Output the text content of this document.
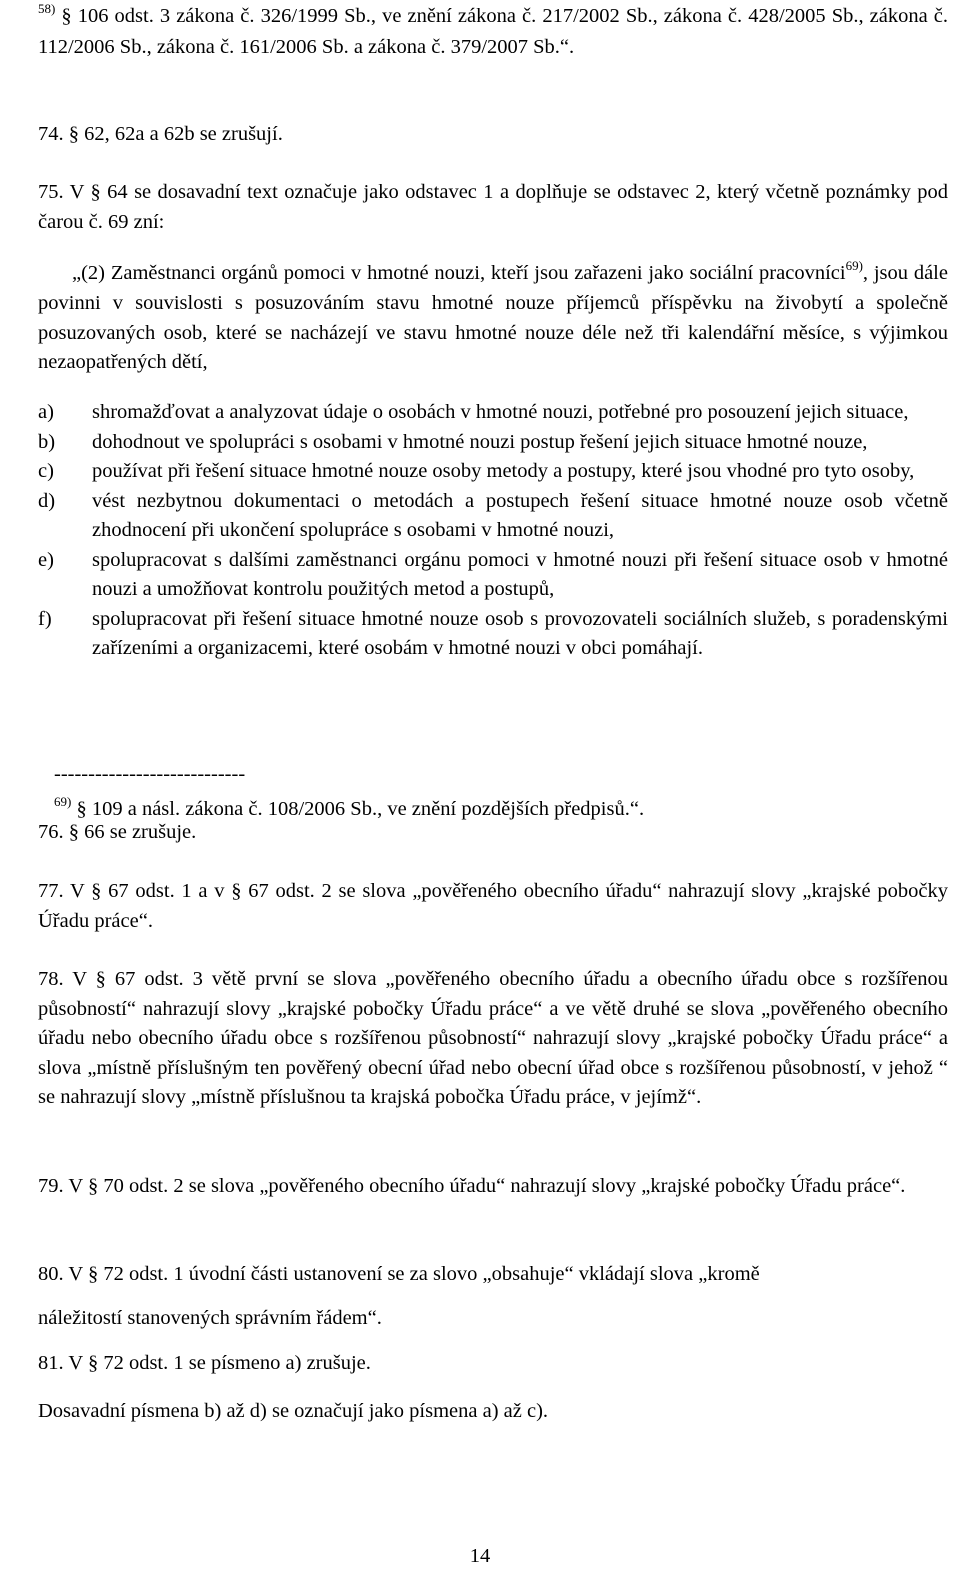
$^{58)}$ § 106 odst. 3 zákona č. 326/1999 Sb., ve znění zákona č. 217/2002 Sb., zákona č. 428/2005 Sb., zákona č. 112/2006 Sb., zákona č. 161/2006 Sb. a zákona č. 379/2007 Sb.“.

74. § 62, 62a a 62b se zrušují.

75. V § 64 se dosavadní text označuje jako odstavec 1 a doplňuje se odstavec 2, který včetně poznámky pod čarou č. 69 zní:

„(2) Zaměstnanci orgánů pomoci v hmotné nouzi, kteří jsou zařazeni jako sociální pracovníci$^{69)}$, jsou dále povinni v souvislosti s posuzováním stavu hmotné nouze příjemců příspěvku na živobytí a společně posuzovaných osob, které se nacházejí ve stavu hmotné nouze déle než tři kalendářní měsíce, s výjimkou nezaopatřených dětí,

a) shromažďovat a analyzovat údaje o osobách v hmotné nouzi, potřebné pro posouzení jejich situace,
b) dohodnout ve spolupráci s osobami v hmotné nouzi postup řešení jejich situace hmotné nouze,
c) používat při řešení situace hmotné nouze osoby metody a postupy, které jsou vhodné pro tyto osoby,
d) vést nezbytnou dokumentaci o metodách a postupech řešení situace hmotné nouze osob včetně zhodnocení při ukončení spolupráce s osobami v hmotné nouzi,
e) spolupracovat s dalšími zaměstnanci orgánu pomoci v hmotné nouzi při řešení situace osob v hmotné nouzi a umožňovat kontrolu použitých metod a postupů,
f) spolupracovat při řešení situace hmotné nouze osob s provozovateli sociálních služeb, s poradenskými zařízeními a organizacemi, které osobám v hmotné nouzi v obci pomáhají.
----------------------------
$^{69)}$ § 109 a násl. zákona č. 108/2006 Sb., ve znění pozdějších předpisů.“.

76. § 66 se zrušuje.

77. V § 67 odst. 1 a v § 67 odst. 2 se slova „pověřeného obecního úřadu“ nahrazují slovy „krajské pobočky Úřadu práce“.

78. V § 67 odst. 3 větě první se slova „pověřeného obecního úřadu a obecního úřadu obce s rozšířenou působností“ nahrazují slovy „krajské pobočky Úřadu práce“ a ve větě druhé se slova „pověřeného obecního úřadu nebo obecního úřadu obce s rozšířenou působností“ nahrazují slovy „krajské pobočky Úřadu práce“ a slova „místně příslušným ten pověřený obecní úřad nebo obecní úřad obce s rozšířenou působností, v jehož “ se nahrazují slovy „místně příslušnou ta krajská pobočka Úřadu práce, v jejímž“.

79. V § 70 odst. 2 se slova „pověřeného obecního úřadu“ nahrazují slovy „krajské pobočky Úřadu práce“.

80. V § 72 odst. 1 úvodní části ustanovení se za slovo „obsahuje“ vkládají slova „kromě

náležitostí stanovených správním řádem“.

81. V § 72 odst. 1 se písmeno a) zrušuje.

Dosavadní písmena b) až d) se označují jako písmena a) až c).
14
